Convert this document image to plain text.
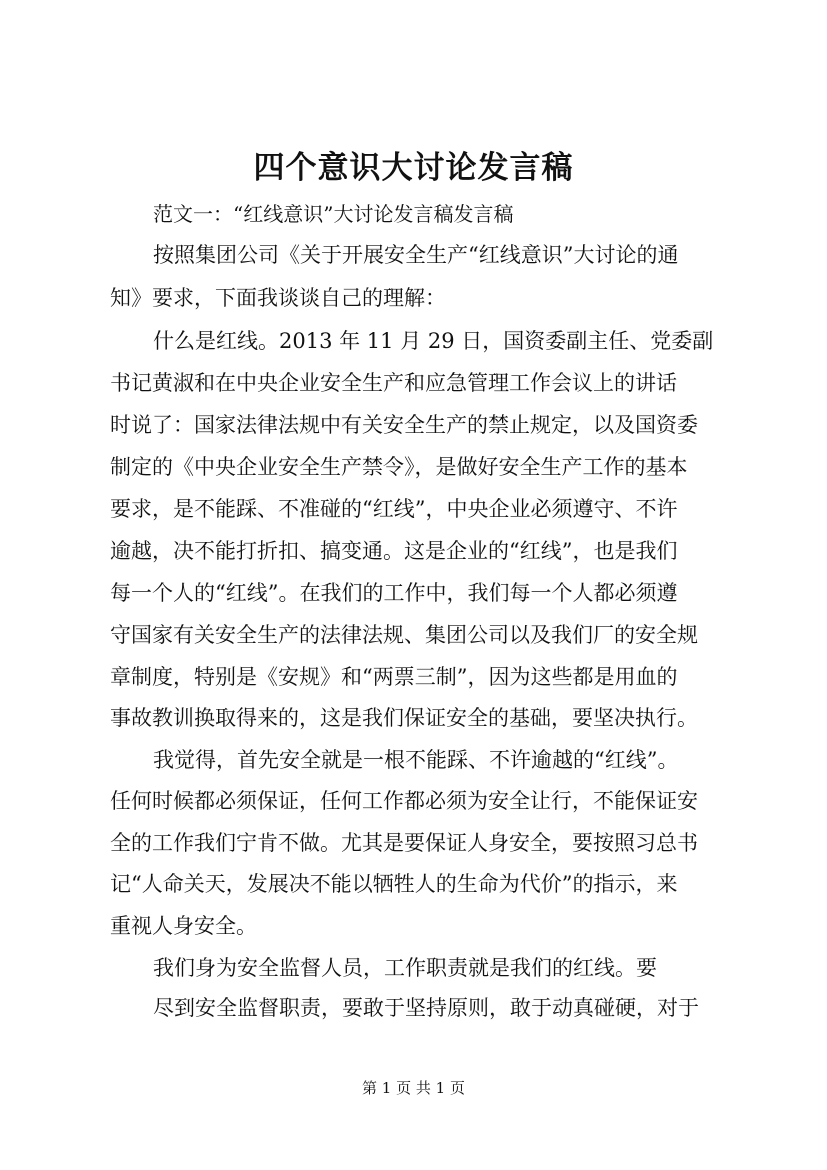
四个意识大讨论发言稿
范文一：“红线意识”大讨论发言稿发言稿
按照集团公司《关于开展安全生产“红线意识”大讨论的通
知》要求，下面我谈谈自己的理解：
什么是红线。2013 年 11 月 29 日，国资委副主任、党委副
书记黄淑和在中央企业安全生产和应急管理工作会议上的讲话
时说了：国家法律法规中有关安全生产的禁止规定，以及国资委
制定的《中央企业安全生产禁令》，是做好安全生产工作的基本
要求，是不能踩、不准碰的“红线”，中央企业必须遵守、不许
逾越，决不能打折扣、搞变通。这是企业的“红线”，也是我们
每一个人的“红线”。在我们的工作中，我们每一个人都必须遵
守国家有关安全生产的法律法规、集团公司以及我们厂的安全规
章制度，特别是《安规》和“两票三制”，因为这些都是用血的
事故教训换取得来的，这是我们保证安全的基础，要坚决执行。
我觉得，首先安全就是一根不能踩、不许逾越的“红线”。
任何时候都必须保证，任何工作都必须为安全让行，不能保证安
全的工作我们宁肯不做。尤其是要保证人身安全，要按照习总书
记“人命关天，发展决不能以牺牲人的生命为代价”的指示，来
重视人身安全。
我们身为安全监督人员，工作职责就是我们的红线。要
尽到安全监督职责，要敢于坚持原则，敢于动真碰硬，对于
第 1 页 共 1 页
